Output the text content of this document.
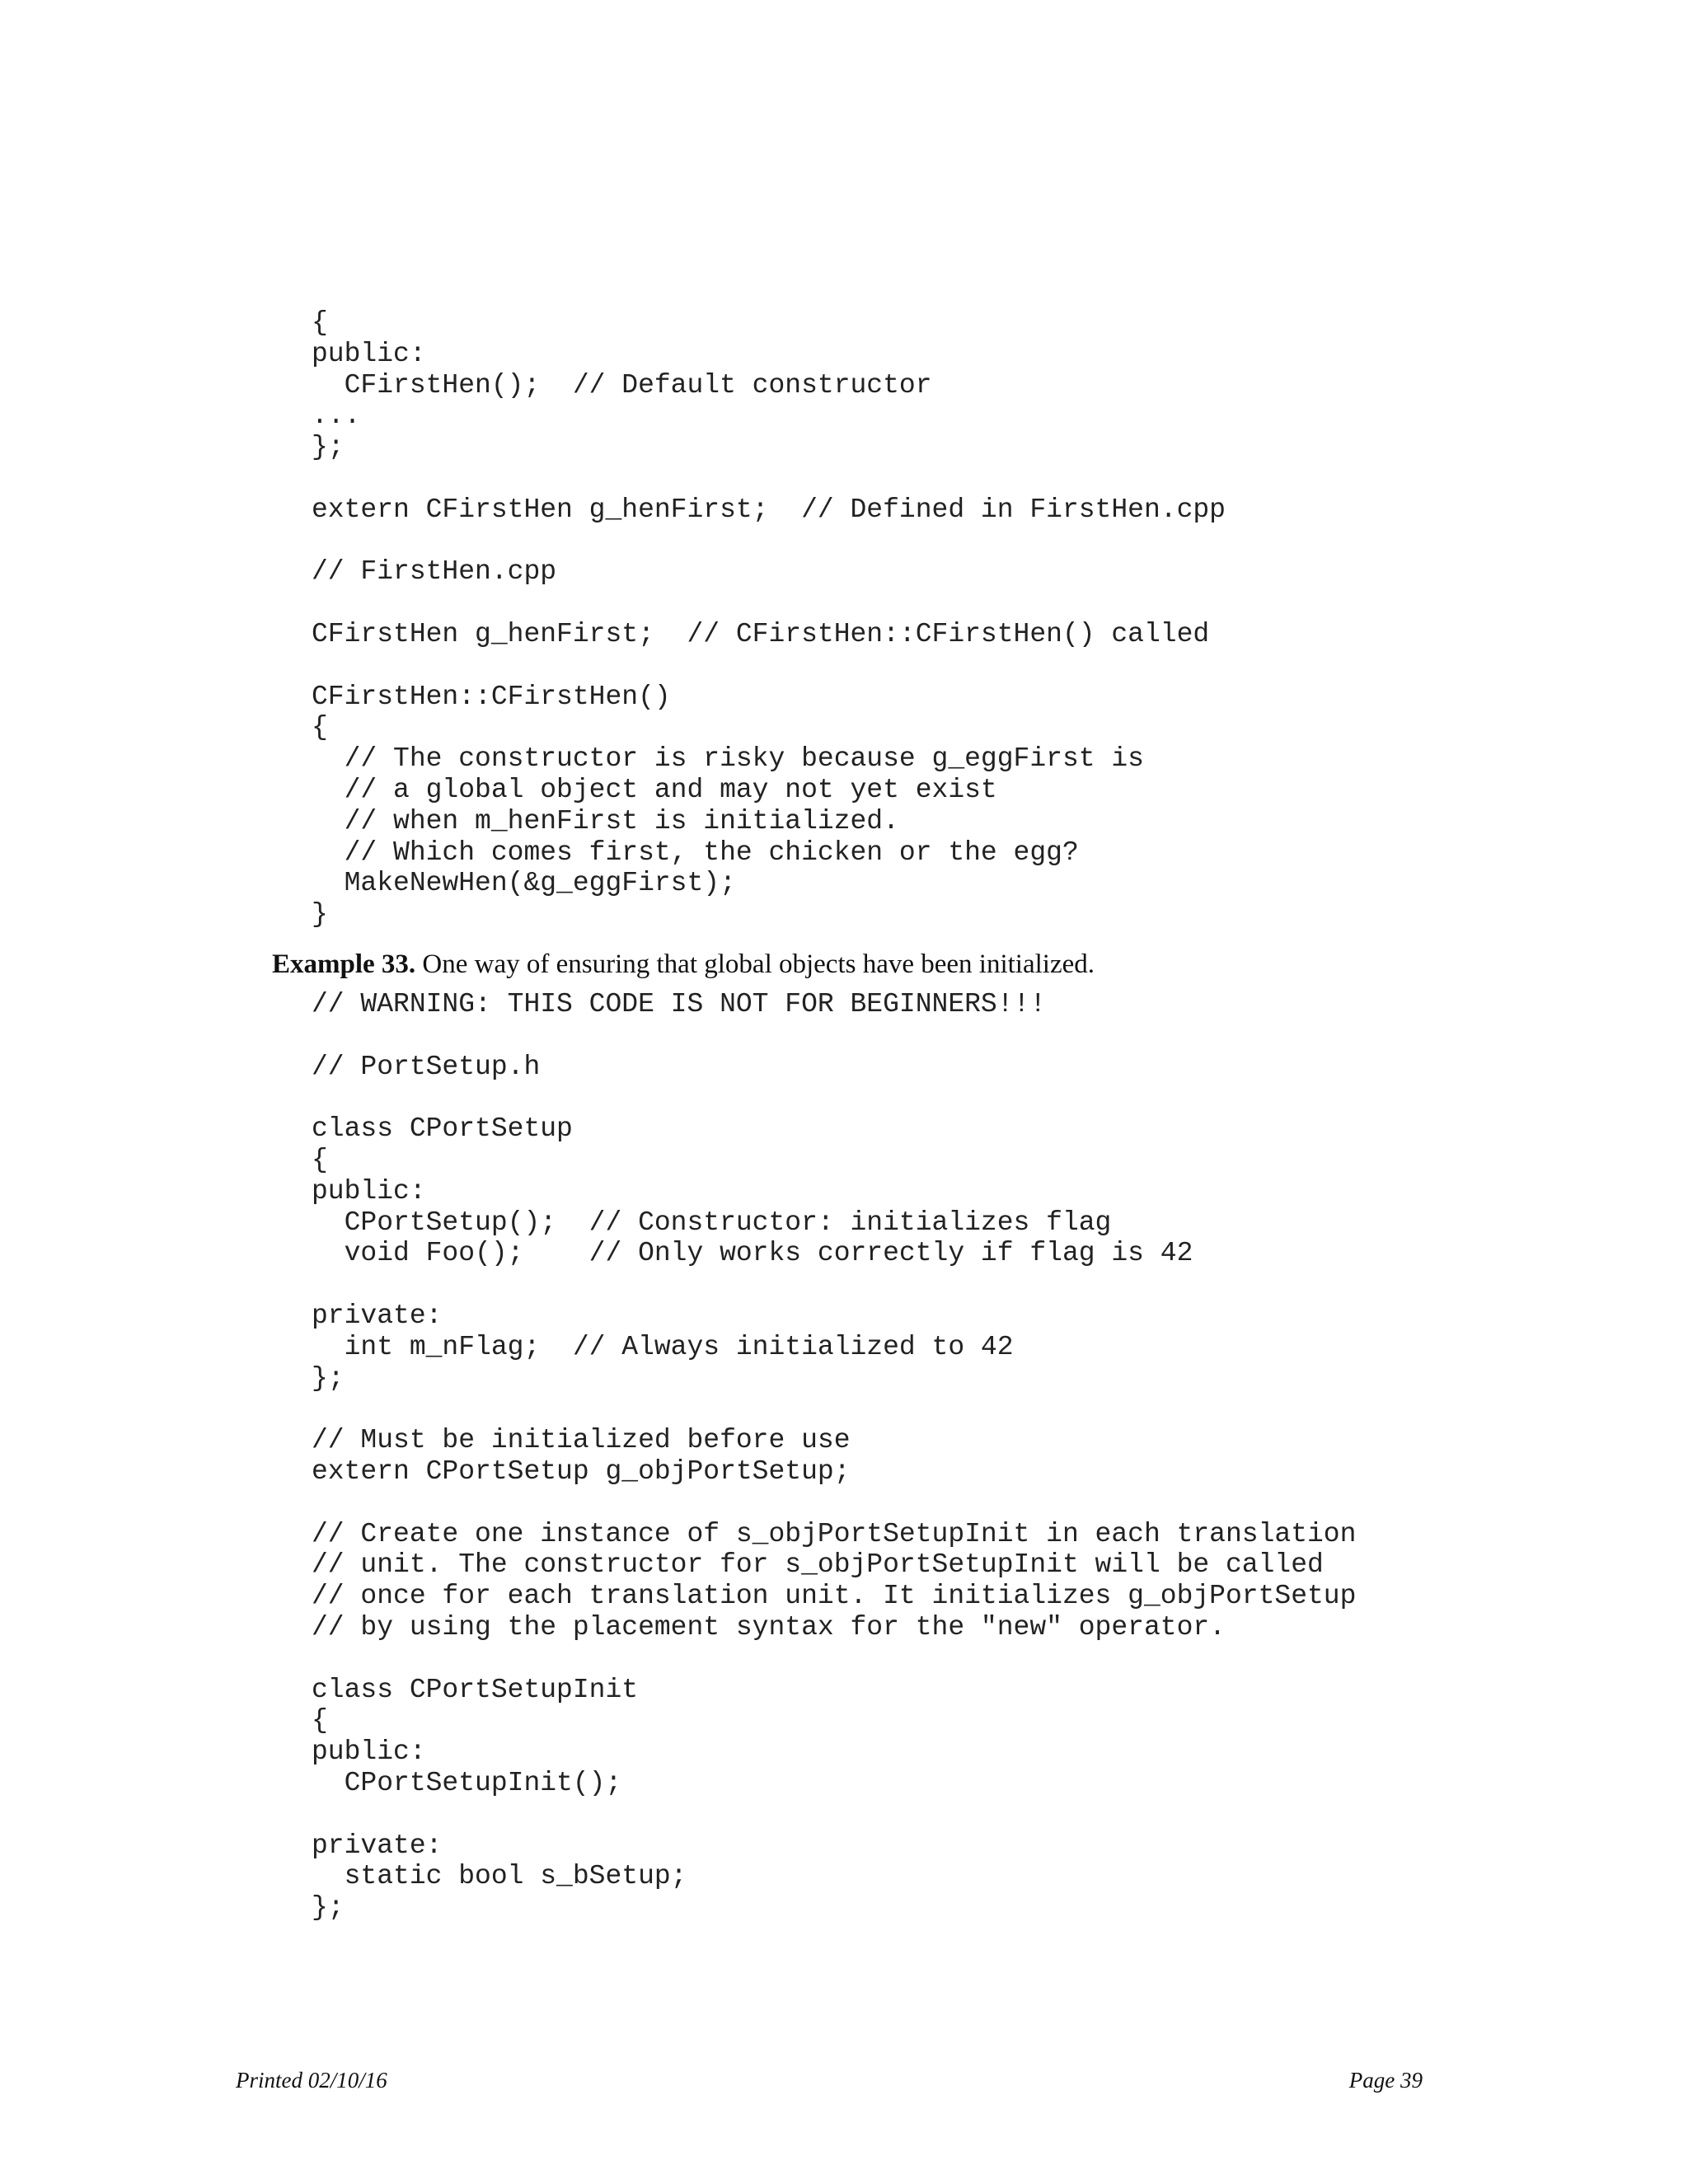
{
public:
CFirstHen();  // Default constructor
...
};

extern CFirstHen g_henFirst;  // Defined in FirstHen.cpp

// FirstHen.cpp

CFirstHen g_henFirst;  // CFirstHen::CFirstHen() called

CFirstHen::CFirstHen()
{
// The constructor is risky because g_eggFirst is
// a global object and may not yet exist
// when m_henFirst is initialized.
// Which comes first, the chicken or the egg?
MakeNewHen(&g_eggFirst);
}
Example 33. One way of ensuring that global objects have been initialized.
// WARNING: THIS CODE IS NOT FOR BEGINNERS!!!

// PortSetup.h

class CPortSetup
{
public:
CPortSetup();  // Constructor: initializes flag
void Foo();    // Only works correctly if flag is 42

private:
int m_nFlag;  // Always initialized to 42
};

// Must be initialized before use
extern CPortSetup g_objPortSetup;

// Create one instance of s_objPortSetupInit in each translation
// unit. The constructor for s_objPortSetupInit will be called
// once for each translation unit. It initializes g_objPortSetup
// by using the placement syntax for the "new" operator.

class CPortSetupInit
{
public:
CPortSetupInit();

private:
static bool s_bSetup;
};
Printed 02/10/16	Page 39
